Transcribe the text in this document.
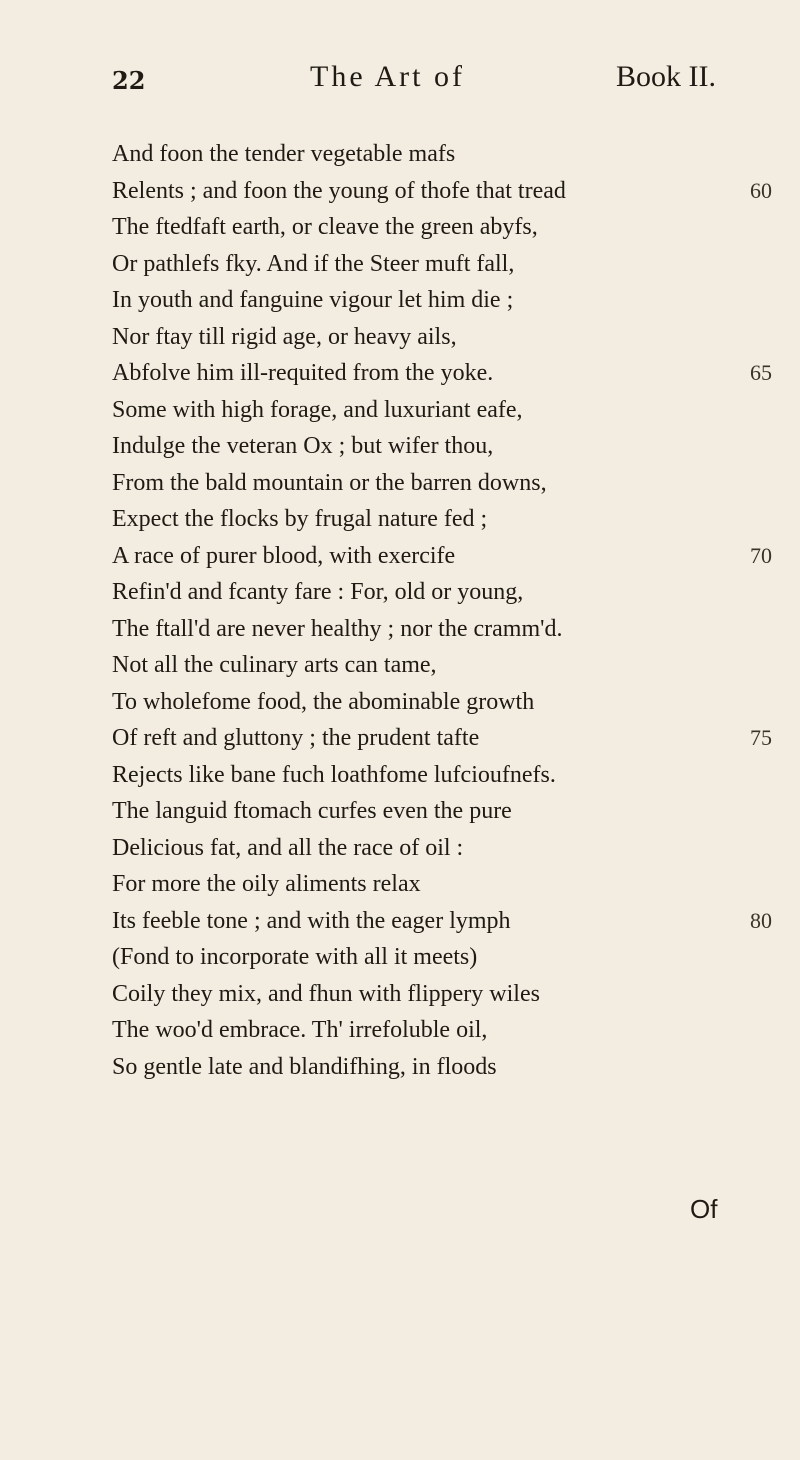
22	The Art of	Book II.
And foon the tender vegetable mafs
Relents ; and foon the young of thofe that tread	60
The ftedfaft earth, or cleave the green abyfs,
Or pathlefs fky. And if the Steer muft fall,
In youth and fanguine vigour let him die ;
Nor ftay till rigid age, or heavy ails,
Abfolve him ill-requited from the yoke.	65
Some with high forage, and luxuriant eafe,
Indulge the veteran Ox ; but wifer thou,
From the bald mountain or the barren downs,
Expect the flocks by frugal nature fed ;
A race of purer blood, with exercife	70
Refin'd and fcanty fare : For, old or young,
The ftall'd are never healthy ; nor the cramm'd.
Not all the culinary arts can tame,
To wholefome food, the abominable growth
Of reft and gluttony ; the prudent tafte	75
Rejects like bane fuch loathfome lufcioufnefs.
The languid ftomach curfes even the pure
Delicious fat, and all the race of oil :
For more the oily aliments relax
Its feeble tone ; and with the eager lymph	80
(Fond to incorporate with all it meets)
Coily they mix, and fhun with flippery wiles
The woo'd embrace. Th' irrefoluble oil,
So gentle late and blandifhing, in floods
Of
